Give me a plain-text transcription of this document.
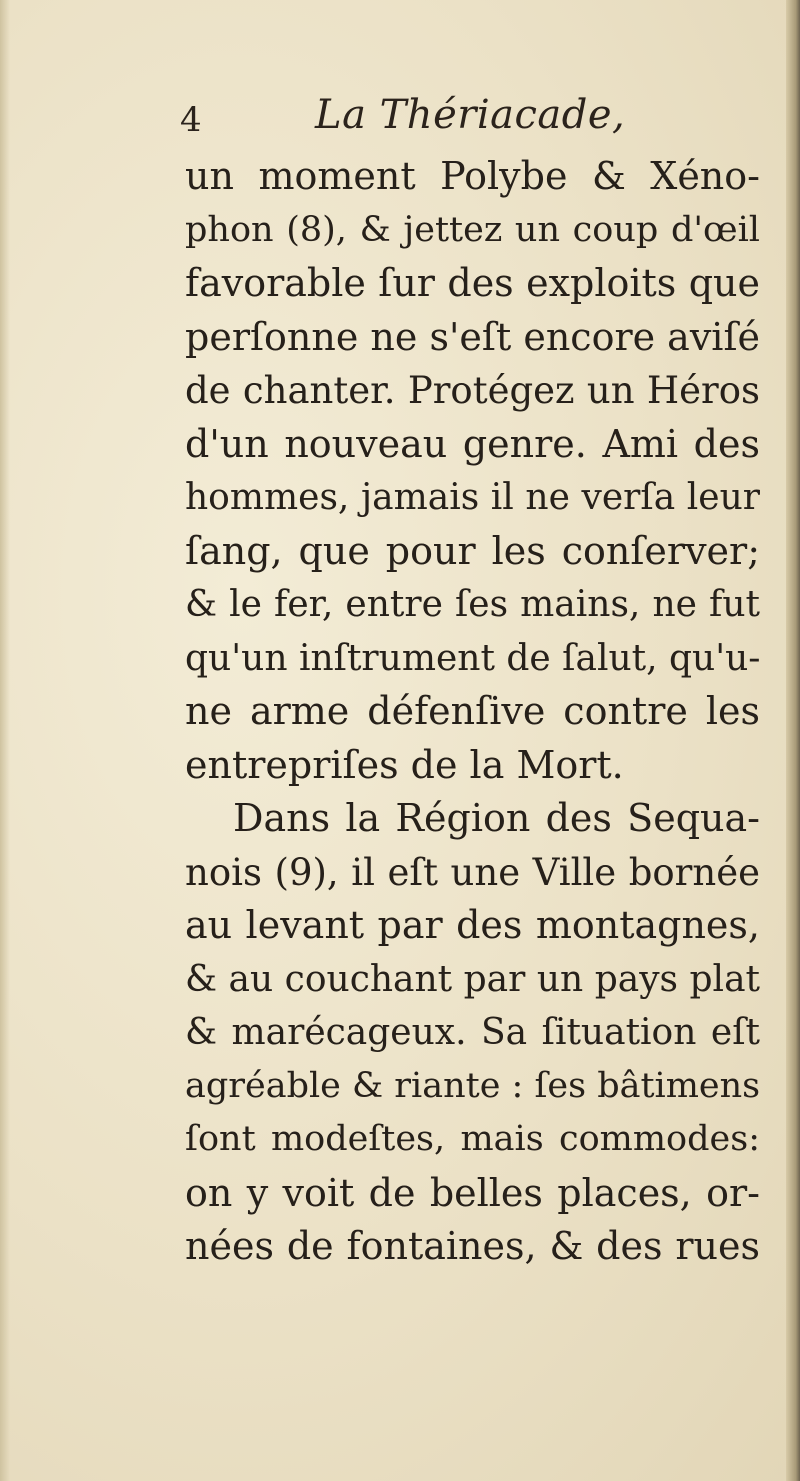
4	La Thériacade,
un moment Polybe & Xéno-
phon (8), & jettez un coup d'œil
favorable ſur des exploits que
perſonne ne s'eſt encore aviſé
de chanter. Protégez un Héros
d'un nouveau genre. Ami des
hommes, jamais il ne verſa leur
ſang, que pour les conſerver;
& le fer, entre ſes mains, ne fut
qu'un inſtrument de ſalut, qu'u-
ne arme défenſive contre les
entrepriſes de la Mort.
Dans la Région des Sequa-
nois (9), il eſt une Ville bornée
au levant par des montagnes,
& au couchant par un pays plat
& marécageux. Sa ſituation eſt
agréable & riante : ſes bâtimens
ſont modeſtes, mais commodes:
on y voit de belles places, or-
nées de fontaines, & des rues
